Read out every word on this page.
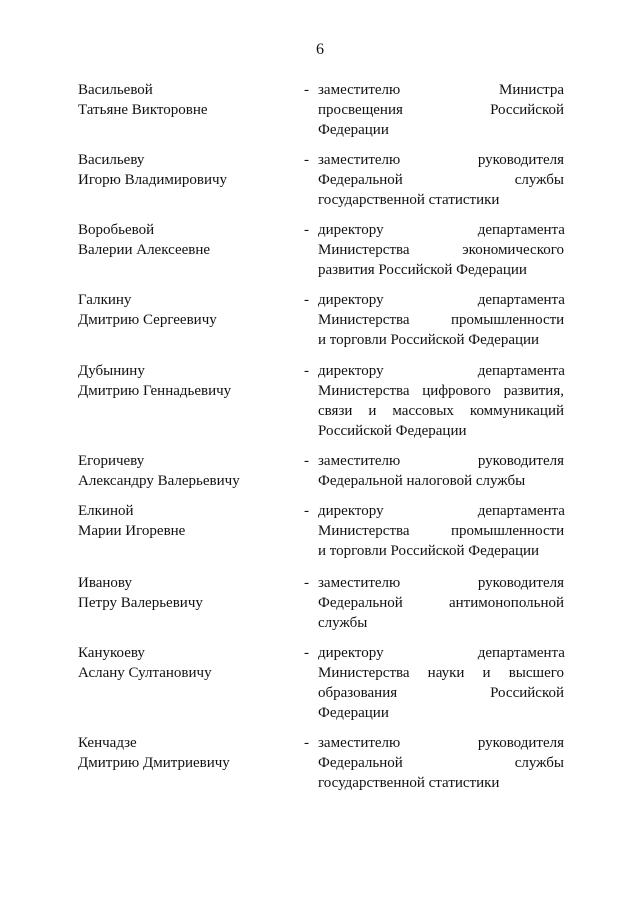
6
Васильевой
Татьяне Викторовне
- заместителю	Министра
просвещения	Российской
Федерации
Васильеву
Игорю Владимировичу
- заместителю	руководителя
Федеральной	службы
государственной статистики
Воробьевой
Валерии Алексеевне
- директору	департамента
Министерства	экономического
развития Российской Федерации
Галкину
Дмитрию Сергеевичу
- директору	департамента
Министерства	промышленности
и торговли Российской Федерации
Дубынину
Дмитрию Геннадьевичу
- директору	департамента
Министерства цифрового развития,
связи и массовых коммуникаций
Российской Федерации
Егоричеву
Александру Валерьевичу
- заместителю	руководителя
Федеральной налоговой службы
Елкиной
Марии Игоревне
- директору	департамента
Министерства	промышленности
и торговли Российской Федерации
Иванову
Петру Валерьевичу
- заместителю	руководителя
Федеральной	антимонопольной
службы
Канукоеву
Аслану Султановичу
- директору	департамента
Министерства науки и высшего
образования	Российской
Федерации
Кенчадзе
Дмитрию Дмитриевичу
- заместителю	руководителя
Федеральной	службы
государственной статистики
